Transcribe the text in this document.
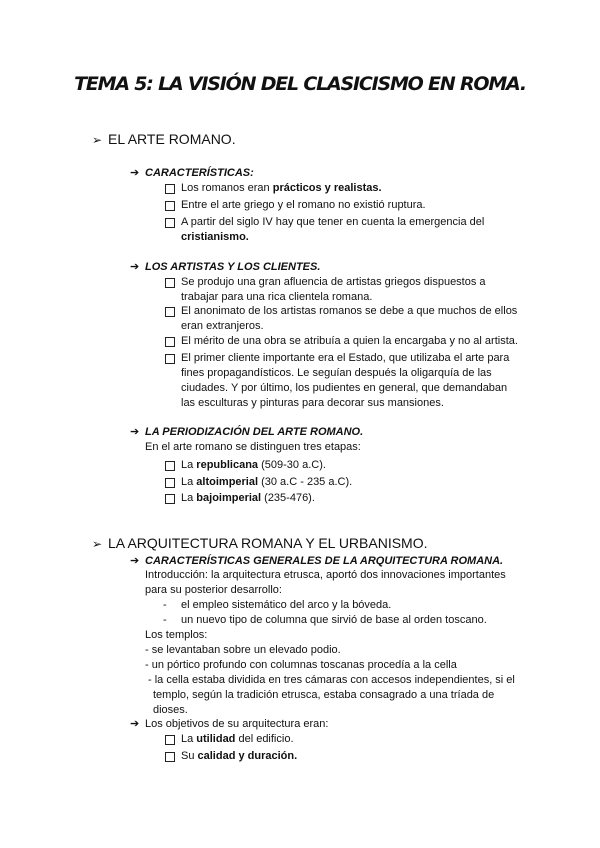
TEMA 5: LA VISIÓN DEL CLASICISMO EN ROMA.
➢ EL ARTE ROMANO.
➔ CARACTERÍSTICAS:
Los romanos eran prácticos y realistas.
Entre el arte griego y el romano no existió ruptura.
A partir del siglo IV hay que tener en cuenta la emergencia del
cristianismo.
➔ LOS ARTISTAS Y LOS CLIENTES.
Se produjo una gran afluencia de artistas griegos dispuestos a
trabajar para una rica clientela romana.
El anonimato de los artistas romanos se debe a que muchos de ellos
eran extranjeros.
El mérito de una obra se atribuía a quien la encargaba y no al artista.
El primer cliente importante era el Estado, que utilizaba el arte para
fines propagandísticos. Le seguían después la oligarquía de las
ciudades. Y por último, los pudientes en general, que demandaban
las esculturas y pinturas para decorar sus mansiones.
➔ LA PERIODIZACIÓN DEL ARTE ROMANO.
En el arte romano se distinguen tres etapas:
La republicana (509-30 a.C).
La altoimperial (30 a.C - 235 a.C).
La bajoimperial (235-476).
➢ LA ARQUITECTURA ROMANA Y EL URBANISMO.
➔ CARACTERÍSTICAS GENERALES DE LA ARQUITECTURA ROMANA.
Introducción: la arquitectura etrusca, aportó dos innovaciones importantes
para su posterior desarrollo:
- el empleo sistemático del arco y la bóveda.
- un nuevo tipo de columna que sirvió de base al orden toscano.
Los templos:
- se levantaban sobre un elevado podio.
- un pórtico profundo con columnas toscanas procedía a la cella
- la cella estaba dividida en tres cámaras con accesos independientes, si el
templo, según la tradición etrusca, estaba consagrado a una tríada de
dioses.
➔ Los objetivos de su arquitectura eran:
La utilidad del edificio.
Su calidad y duración.
